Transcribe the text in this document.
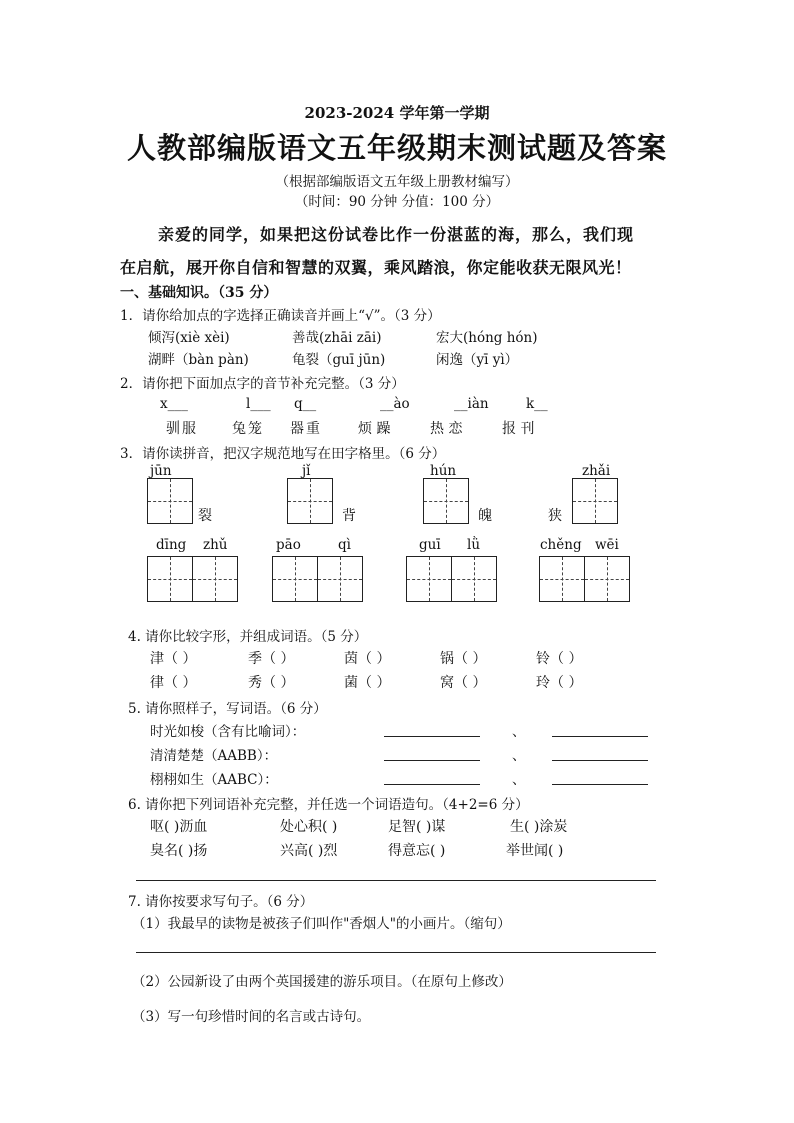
2023-2024 学年第一学期
人教部编版语文五年级期末测试题及答案
（根据部编版语文五年级上册教材编写）
（时间：90 分钟 分值：100 分）
亲爱的同学，如果把这份试卷比作一份湛蓝的海，那么，我们现
在启航，展开你自信和智慧的双翼，乘风踏浪，你定能收获无限风光！
一、基础知识。（35 分）
1．请你给加点的字选择正确读音并画上“√”。（3 分）
倾泻(xiè xèi)	善哉(zhāi zāi)	宏大(hóng hón)
湖畔（bàn pàn)	龟裂（guī jūn)	闲逸（yī yì）
2．请你把下面加点字的音节补充完整。（3 分）
x___	l___ q__	__ào	__iàn	k__
驯服 兔笼 器重	烦 躁	热 恋	报 刊
3．请你读拼音，把汉字规范地写在田字格里。（6 分）
jūn	jǐ	hún	zhǎi
裂	背	魄	狭
dīng zhǔ	pāo	qì	guī lǜ	chěng wēi
4. 请你比较字形，并组成词语。（5 分）
津（ ）	季（ ）	茵（ ）	锅（ ）	铃（ ）
律（ ）	秀（ ）	菌（ ）	窝（ ）	玲（ ）
5. 请你照样子，写词语。（6 分）
时光如梭（含有比喻词）：	、
清清楚楚（AABB）：	、
栩栩如生（AABC）：	、
6. 请你把下列词语补充完整，并任选一个词语造句。（4+2=6 分）
呕( )沥血	处心积( )	足智( )谋	生( )涂炭
臭名( )扬	兴高( )烈	得意忘( )	举世闻( )
7. 请你按要求写句子。（6 分）
（1）我最早的读物是被孩子们叫作"香烟人"的小画片。（缩句）
（2）公园新设了由两个英国援建的游乐项目。（在原句上修改）
（3）写一句珍惜时间的名言或古诗句。
